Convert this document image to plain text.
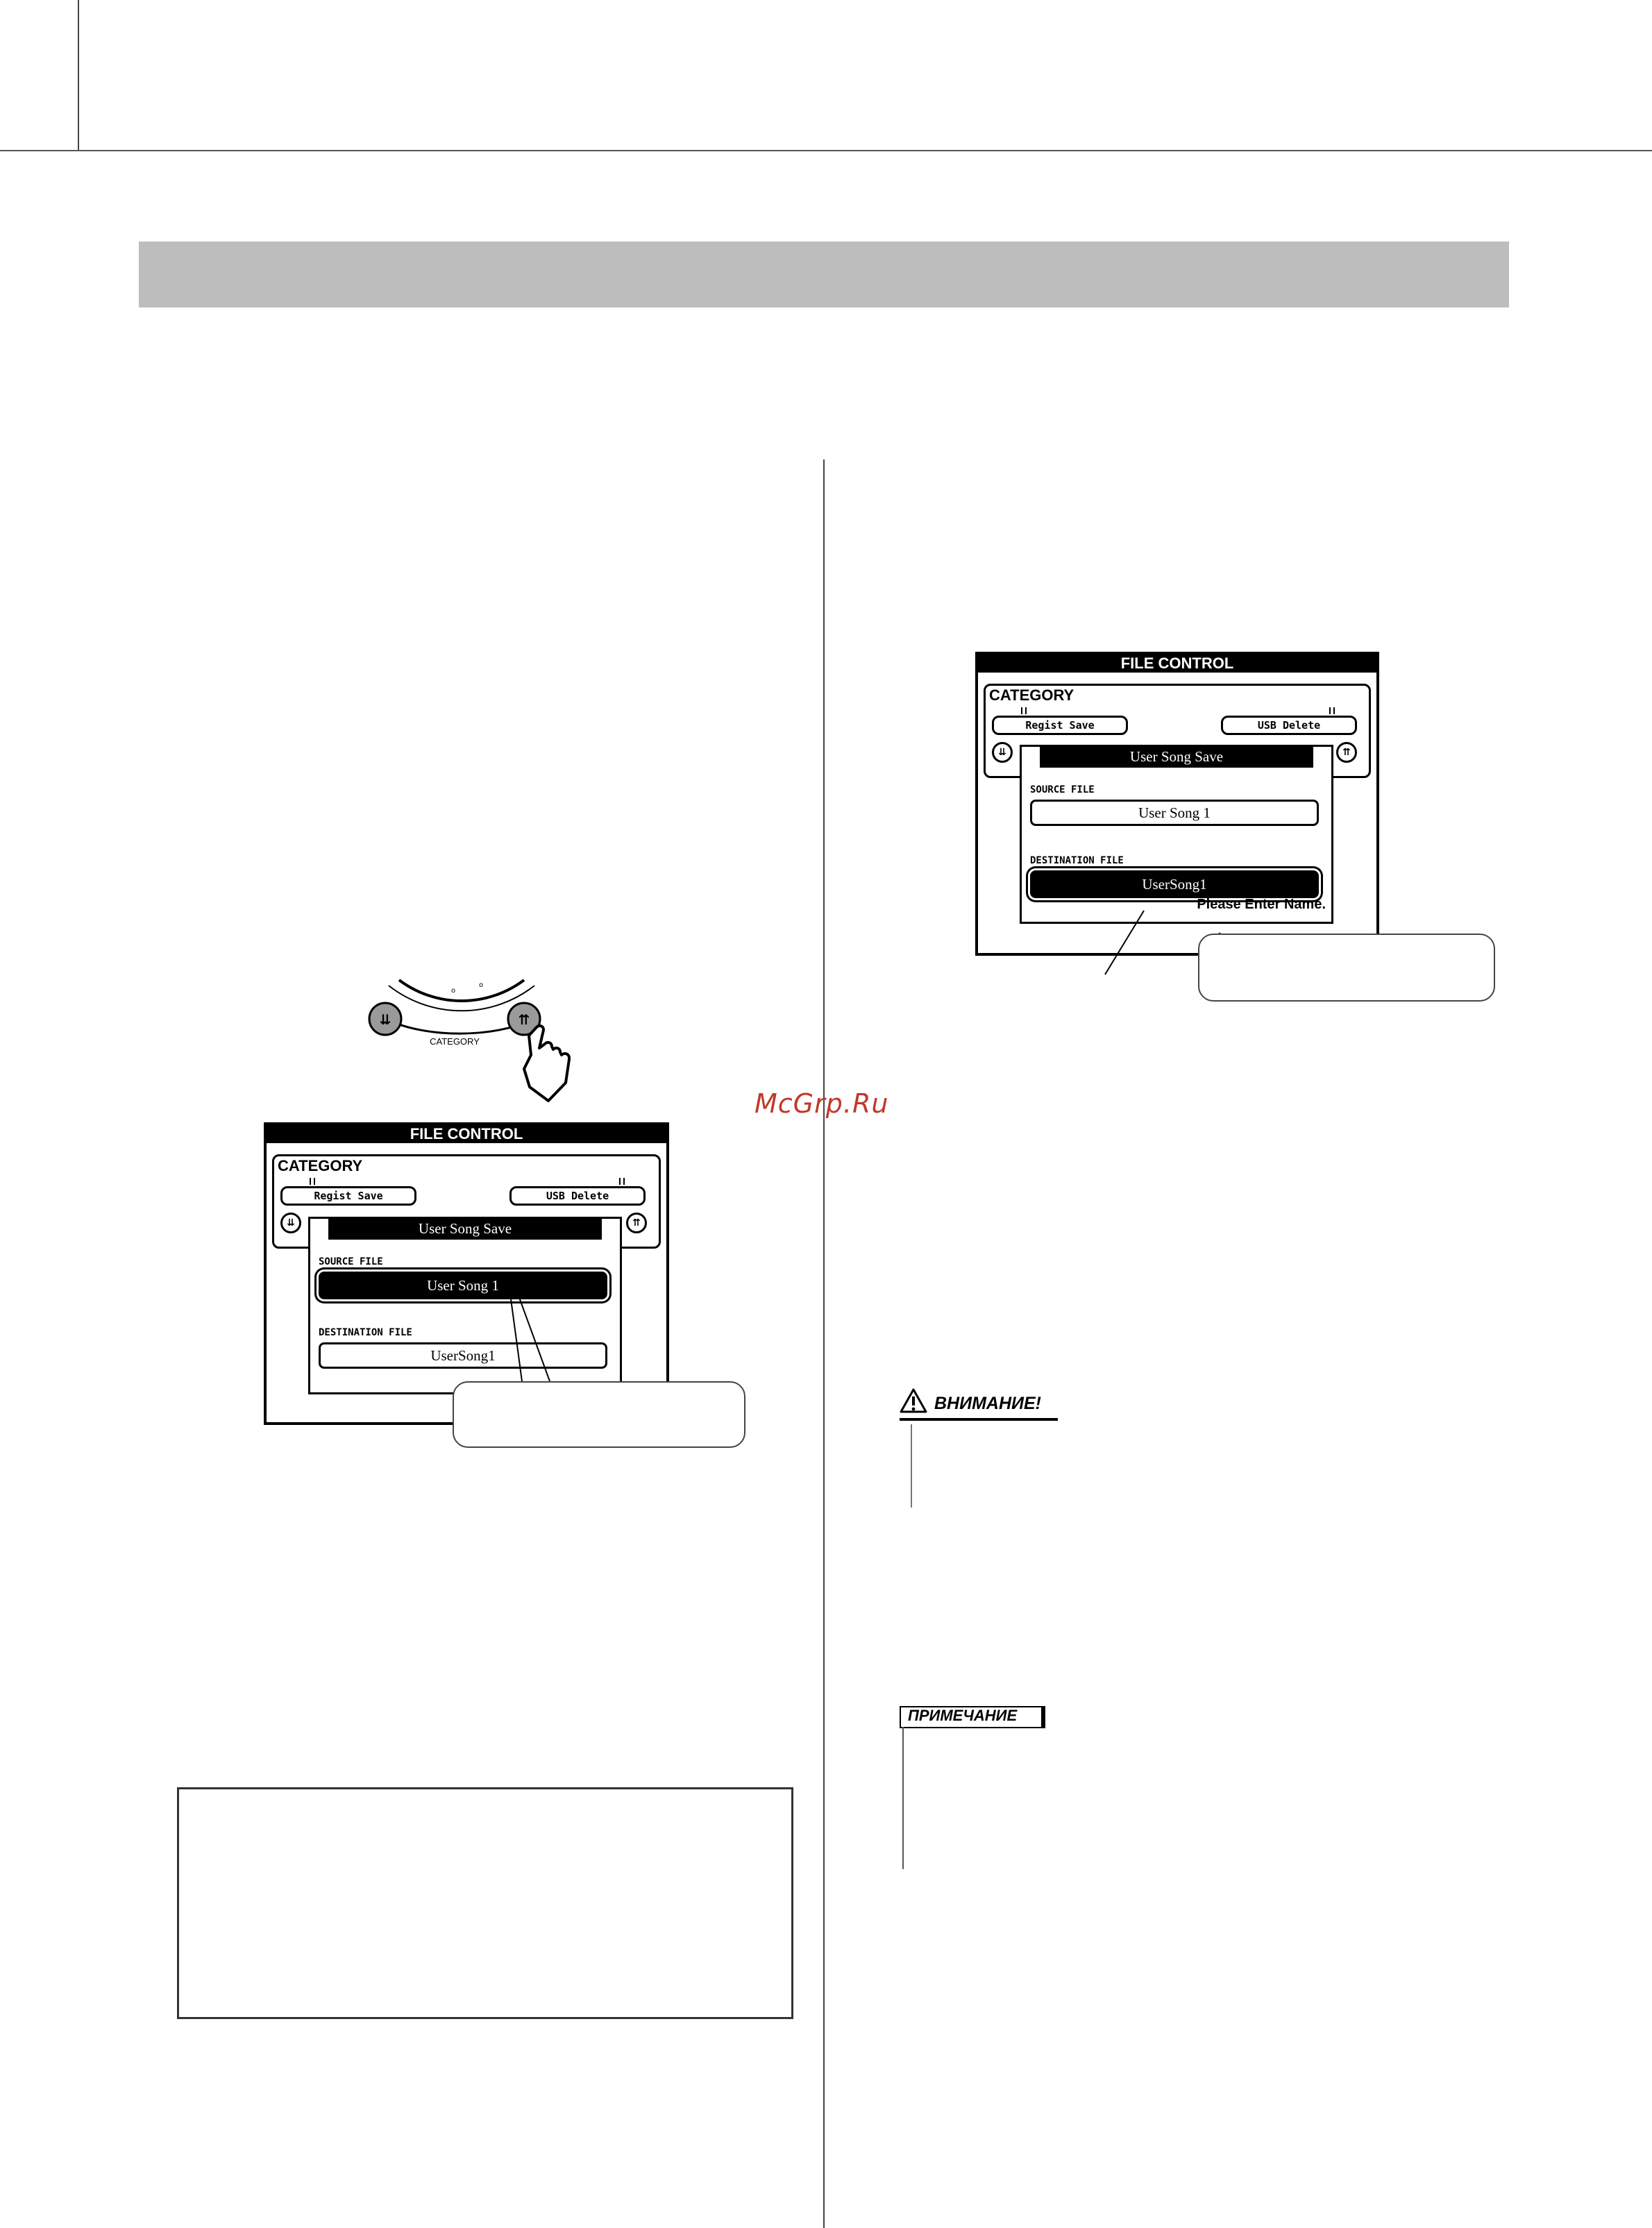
o
o
⇊	⇈
CATEGORY
FILE CONTROL
CATEGORY
Regist Save	USB Delete
⇊	⇈
User Song Save
SOURCE FILE
User Song 1
DESTINATION FILE
UserSong1
FILE CONTROL
CATEGORY
Regist Save	USB Delete
⇊	⇈
User Song Save
SOURCE FILE
User Song 1
DESTINATION FILE
UserSong1
Please Enter Name.
McGrp.Ru
ВНИМАНИЕ!
ПРИМЕЧАНИЕ
